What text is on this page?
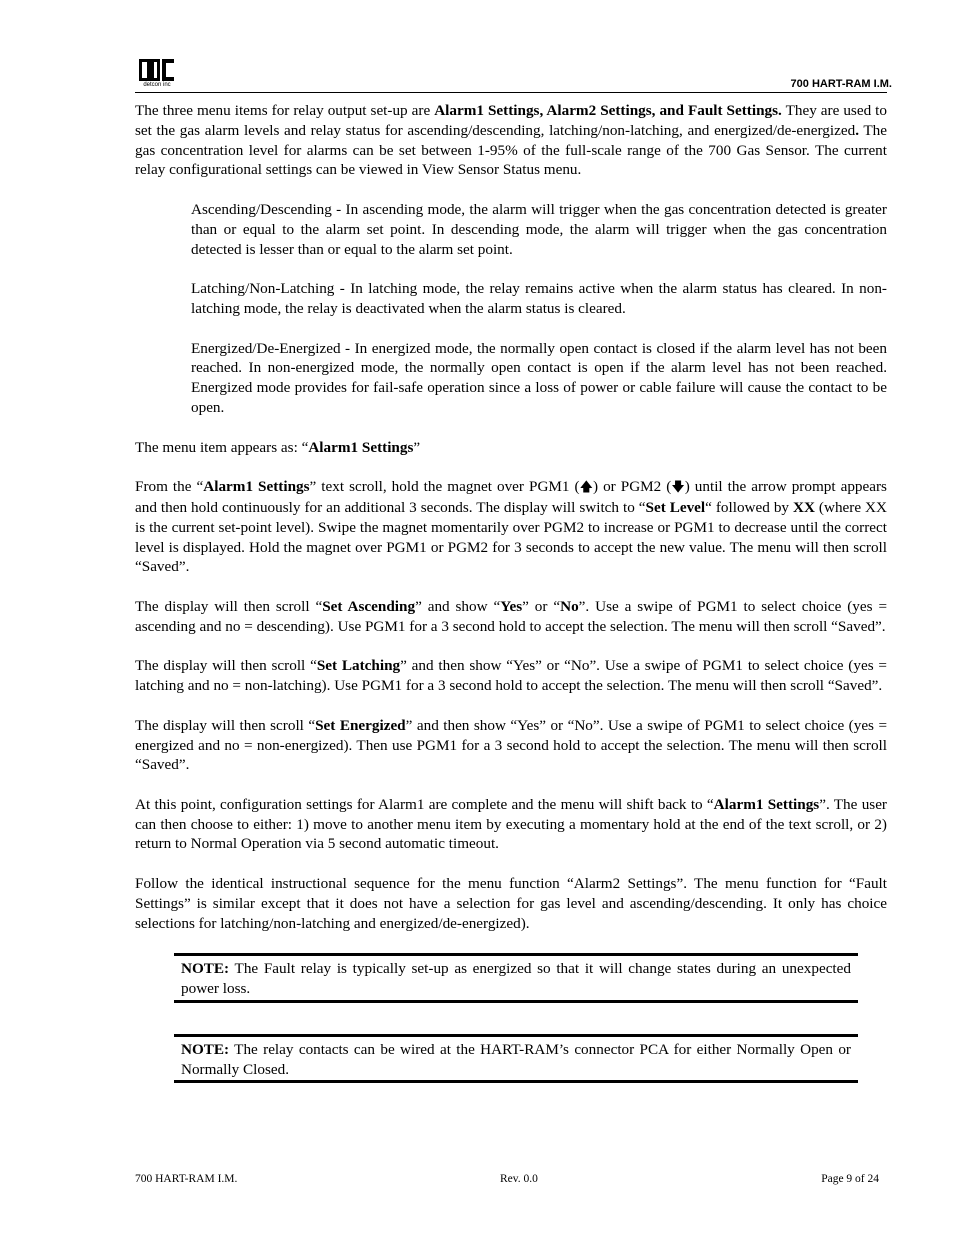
detcon inc	700 HART-RAM I.M.

The three menu items for relay output set-up are Alarm1 Settings, Alarm2 Settings, and Fault Settings. They are used to set the gas alarm levels and relay status for ascending/descending, latching/non-latching, and energized/de-energized. The gas concentration level for alarms can be set between 1-95% of the full-scale range of the 700 Gas Sensor. The current relay configurational settings can be viewed in View Sensor Status menu.

Ascending/Descending - In ascending mode, the alarm will trigger when the gas concentration detected is greater than or equal to the alarm set point. In descending mode, the alarm will trigger when the gas concentration detected is lesser than or equal to the alarm set point.

Latching/Non-Latching - In latching mode, the relay remains active when the alarm status has cleared. In non-latching mode, the relay is deactivated when the alarm status is cleared.

Energized/De-Energized - In energized mode, the normally open contact is closed if the alarm level has not been reached. In non-energized mode, the normally open contact is open if the alarm level has not been reached. Energized mode provides for fail-safe operation since a loss of power or cable failure will cause the contact to be open.

The menu item appears as: “Alarm1 Settings”

From the “Alarm1 Settings” text scroll, hold the magnet over PGM1 (🡅) or PGM2 (🡇) until the arrow prompt appears and then hold continuously for an additional 3 seconds. The display will switch to “Set Level“ followed by XX (where XX is the current set-point level). Swipe the magnet momentarily over PGM2 to increase or PGM1 to decrease until the correct level is displayed. Hold the magnet over PGM1 or PGM2 for 3 seconds to accept the new value. The menu will then scroll “Saved”.

The display will then scroll “Set Ascending” and show “Yes” or “No”. Use a swipe of PGM1 to select choice (yes = ascending and no = descending). Use PGM1 for a 3 second hold to accept the selection. The menu will then scroll “Saved”.

The display will then scroll “Set Latching” and then show “Yes” or “No”. Use a swipe of PGM1 to select choice (yes = latching and no = non-latching). Use PGM1 for a 3 second hold to accept the selection. The menu will then scroll “Saved”.

The display will then scroll “Set Energized” and then show “Yes” or “No”. Use a swipe of PGM1 to select choice (yes = energized and no = non-energized). Then use PGM1 for a 3 second hold to accept the selection. The menu will then scroll “Saved”.

At this point, configuration settings for Alarm1 are complete and the menu will shift back to “Alarm1 Settings”. The user can then choose to either: 1) move to another menu item by executing a momentary hold at the end of the text scroll, or 2) return to Normal Operation via 5 second automatic timeout.

Follow the identical instructional sequence for the menu function “Alarm2 Settings”. The menu function for “Fault Settings” is similar except that it does not have a selection for gas level and ascending/descending. It only has choice selections for latching/non-latching and energized/de-energized).

NOTE: The Fault relay is typically set-up as energized so that it will change states during an unexpected power loss.
NOTE: The relay contacts can be wired at the HART-RAM’s connector PCA for either Normally Open or Normally Closed.
700 HART-RAM I.M.	Rev. 0.0	Page 9 of 24
